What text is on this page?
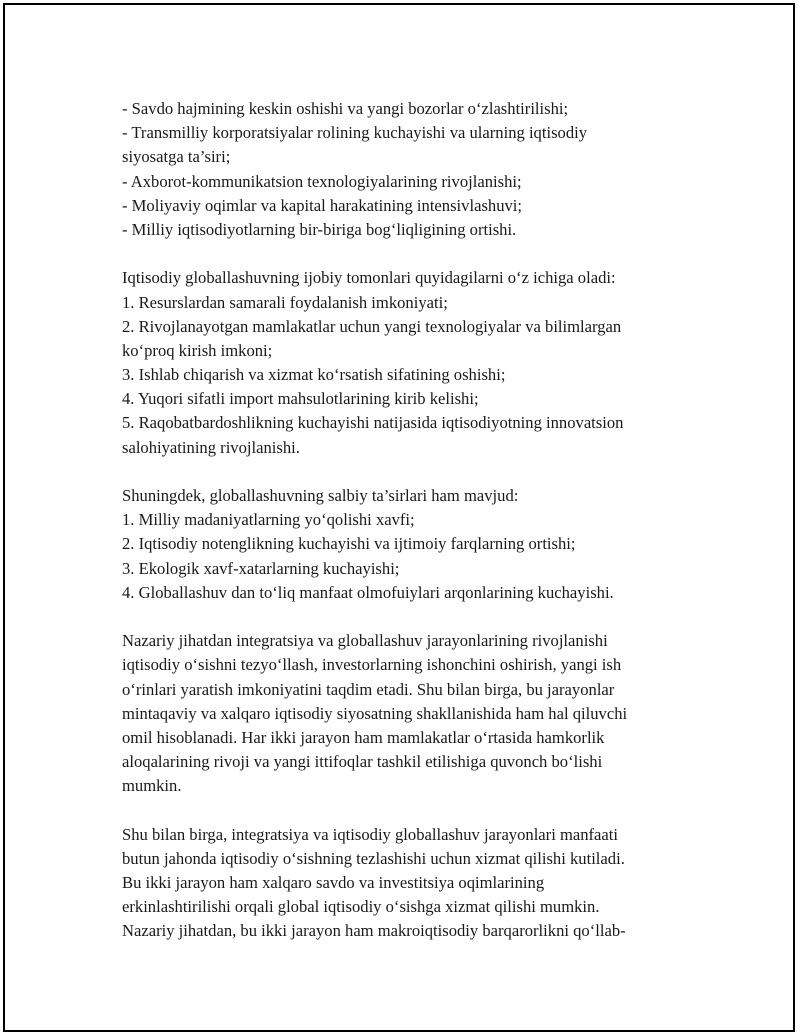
- Savdo hajmining keskin oshishi va yangi bozorlar o‘zlashtirilishi;
- Transmilliy korporatsiyalar rolining kuchayishi va ularning iqtisodiy
siyosatga ta’siri;
- Axborot-kommunikatsion texnologiyalarining rivojlanishi;
- Moliyaviy oqimlar va kapital harakatining intensivlashuvi;
- Milliy iqtisodiyotlarning bir-biriga bog‘liqligining ortishi.
Iqtisodiy globallashuvning ijobiy tomonlari quyidagilarni o‘z ichiga oladi:
1. Resurslardan samarali foydalanish imkoniyati;
2. Rivojlanayotgan mamlakatlar uchun yangi texnologiyalar va bilimlargan
ko‘proq kirish imkoni;
3. Ishlab chiqarish va xizmat ko‘rsatish sifatining oshishi;
4. Yuqori sifatli import mahsulotlarining kirib kelishi;
5. Raqobatbardoshlikning kuchayishi natijasida iqtisodiyotning innovatsion
salohiyatining rivojlanishi.
Shuningdek, globallashuvning salbiy ta’sirlari ham mavjud:
1. Milliy madaniyatlarning yo‘qolishi xavfi;
2. Iqtisodiy notenglikning kuchayishi va ijtimoiy farqlarning ortishi;
3. Ekologik xavf-xatarlarning kuchayishi;
4. Globallashuv dan to‘liq manfaat olmofuiylari arqonlarining kuchayishi.
Nazariy jihatdan integratsiya va globallashuv jarayonlarining rivojlanishi
iqtisodiy o‘sishni tezyo‘llash, investorlarning ishonchini oshirish, yangi ish
o‘rinlari yaratish imkoniyatini taqdim etadi. Shu bilan birga, bu jarayonlar
mintaqaviy va xalqaro iqtisodiy siyosatning shakllanishida ham hal qiluvchi
omil hisoblanadi. Har ikki jarayon ham mamlakatlar o‘rtasida hamkorlik
aloqalarining rivoji va yangi ittifoqlar tashkil etilishiga quvonch bo‘lishi
mumkin.
Shu bilan birga, integratsiya va iqtisodiy globallashuv jarayonlari manfaati
butun jahonda iqtisodiy o‘sishning tezlashishi uchun xizmat qilishi kutiladi.
Bu ikki jarayon ham xalqaro savdo va investitsiya oqimlarining
erkinlashtirilishi orqali global iqtisodiy o‘sishga xizmat qilishi mumkin.
Nazariy jihatdan, bu ikki jarayon ham makroiqtisodiy barqarorlikni qo‘llab-
